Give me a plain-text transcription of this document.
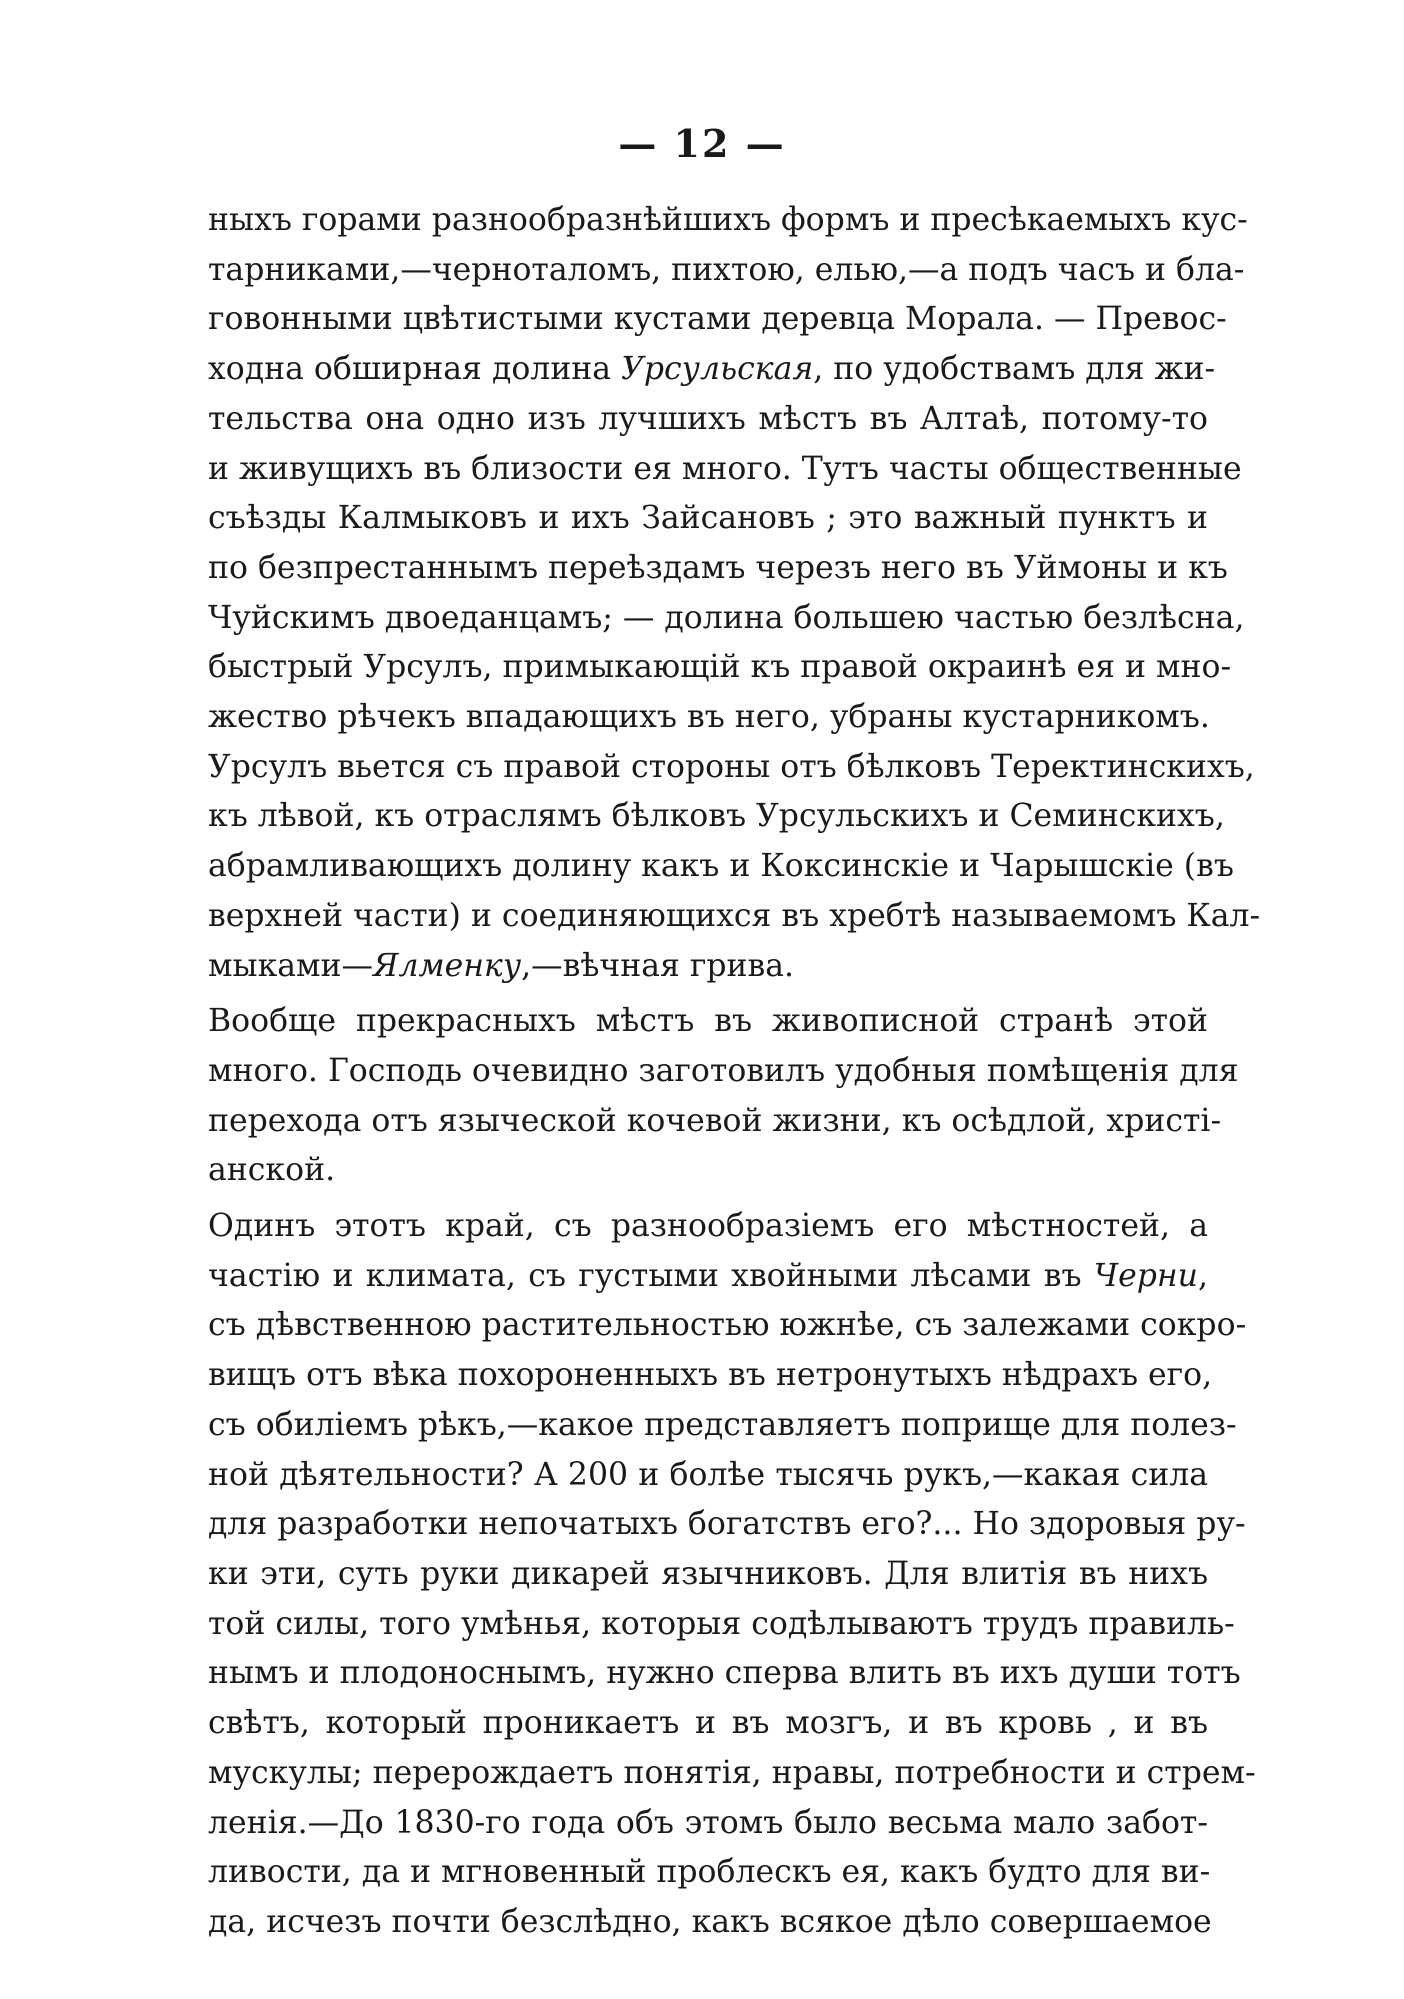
— 12 —
ныхъ горами разнообразнѣйшихъ формъ и пресѣкаемыхъ кус-
тарниками,—черноталомъ, пихтою, елью,—а подъ часъ и бла-
говонными цвѣтистыми кустами деревца Морала. — Превос-
ходна обширная долина Урсульская, по удобствамъ для жи-
тельства она одно изъ лучшихъ мѣстъ въ Алтаѣ, потому-то
и живущихъ въ близости ея много. Тутъ часты общественные
съѣзды Калмыковъ и ихъ Зайсановъ ; это важный пунктъ и
по безпрестаннымъ переѣздамъ черезъ него въ Уймоны и къ
Чуйскимъ двоеданцамъ; — долина большею частью безлѣсна,
быстрый Урсулъ, примыкающій къ правой окраинѣ ея и мно-
жество рѣчекъ впадающихъ въ него, убраны кустарникомъ.
Урсулъ вьется съ правой стороны отъ бѣлковъ Теректинскихъ,
къ лѣвой, къ отраслямъ бѣлковъ Урсульскихъ и Семинскихъ,
абрамливающихъ долину какъ и Коксинскіе и Чарышскіе (въ
верхней части) и соединяющихся въ хребтѣ называемомъ Кал-
мыками—Ялменку,—вѣчная грива.
Вообще прекрасныхъ мѣстъ въ живописной странѣ этой
много. Господь очевидно заготовилъ удобныя помѣщенія для
перехода отъ языческой кочевой жизни, къ осѣдлой, христі-
анской.
Одинъ этотъ край, съ разнообразіемъ его мѣстностей, а
частію и климата, съ густыми хвойными лѣсами въ Черни,
съ дѣвственною растительностью южнѣе, съ залежами сокро-
вищъ отъ вѣка похороненныхъ въ нетронутыхъ нѣдрахъ его,
съ обиліемъ рѣкъ,—какое представляетъ поприще для полез-
ной дѣятельности? А 200 и болѣе тысячь рукъ,—какая сила
для разработки непочатыхъ богатствъ его?... Но здоровыя ру-
ки эти, суть руки дикарей язычниковъ. Для влитія въ нихъ
той силы, того умѣнья, которыя содѣлываютъ трудъ правиль-
нымъ и плодоноснымъ, нужно сперва влить въ ихъ души тотъ
свѣтъ, который проникаетъ и въ мозгъ, и въ кровь , и въ
мускулы; перерождаетъ понятія, нравы, потребности и стрем-
ленія.—До 1830-го года объ этомъ было весьма мало забот-
ливости, да и мгновенный проблескъ ея, какъ будто для ви-
да, исчезъ почти безслѣдно, какъ всякое дѣло совершаемое
